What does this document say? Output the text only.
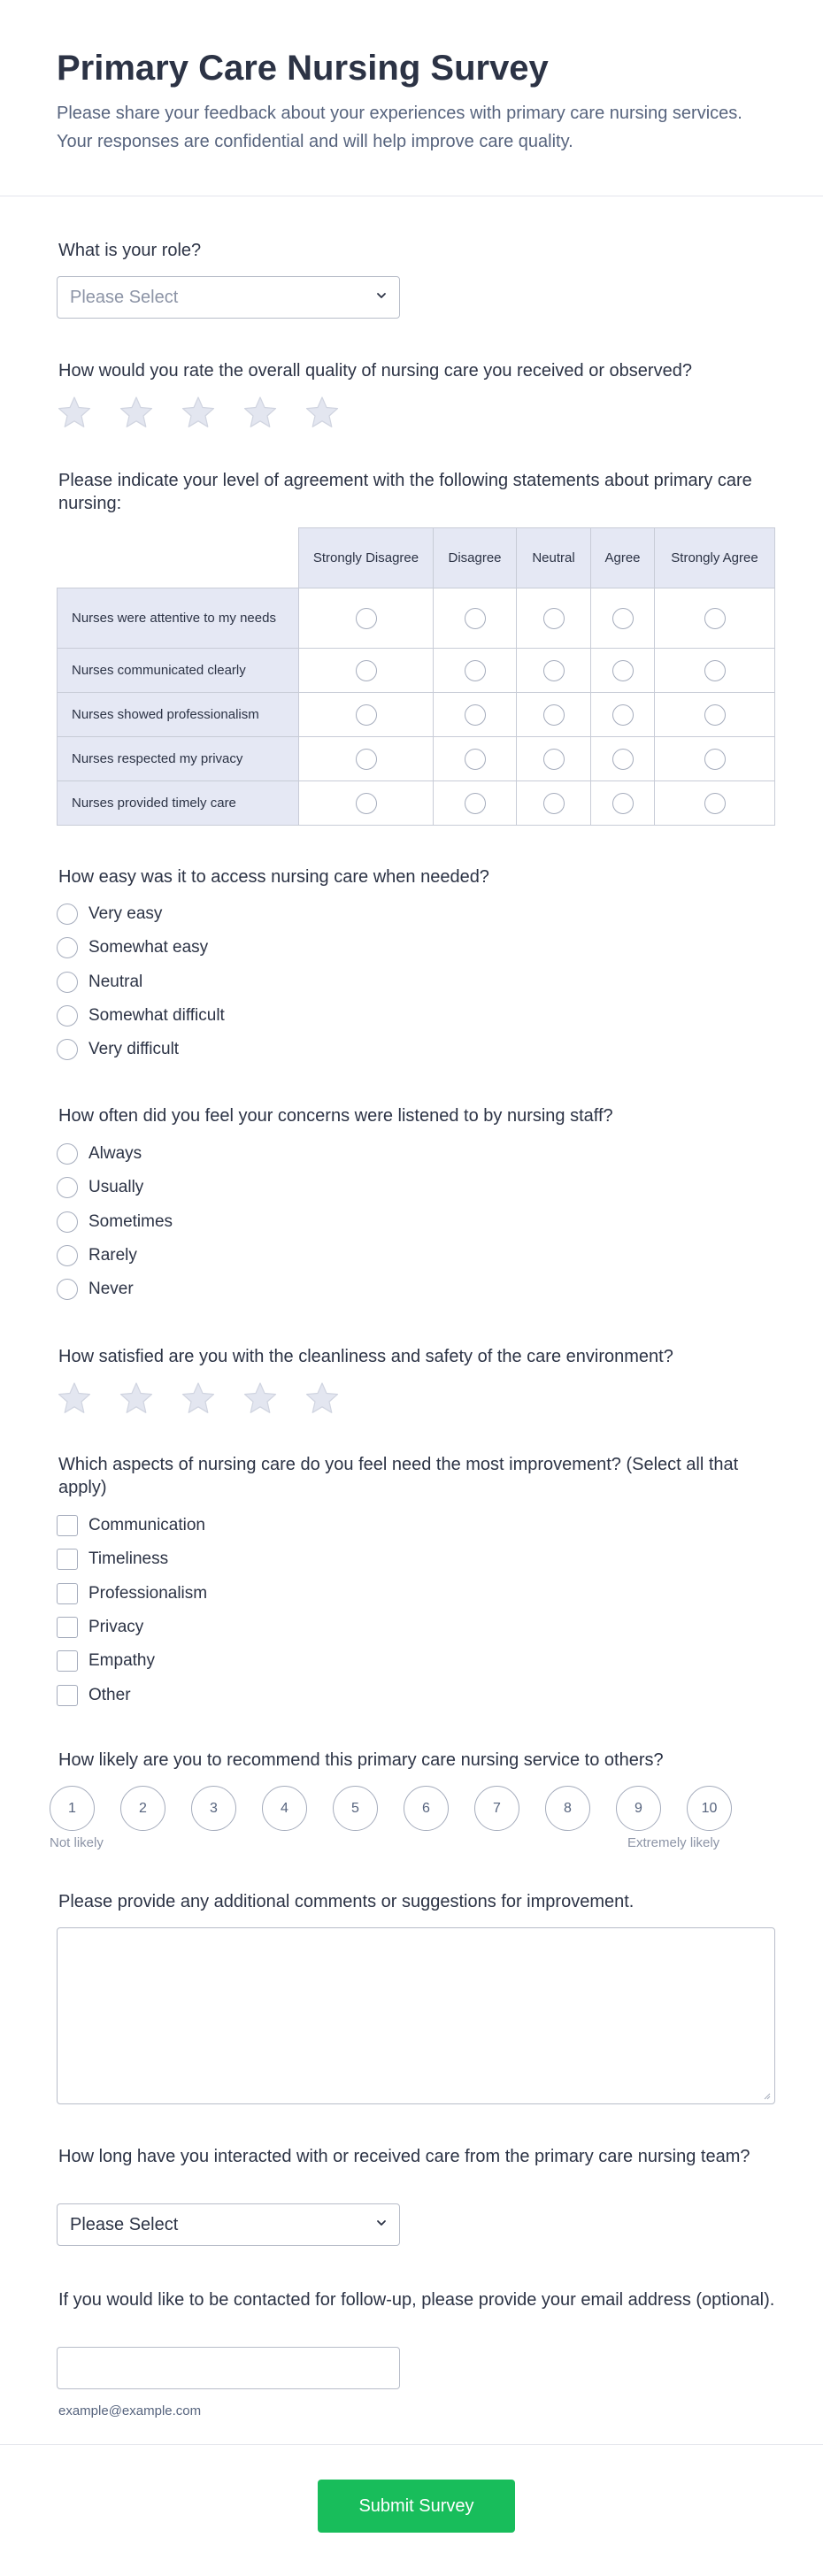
Primary Care Nursing Survey

Please share your feedback about your experiences with primary care nursing services. Your responses are confidential and will help improve care quality.

What is your role?
Please Select
How would you rate the overall quality of nursing care you received or observed?
Please indicate your level of agreement with the following statements about primary care nursing:
	Strongly Disagree	Disagree	Neutral	Agree	Strongly Agree
Nurses were attentive to my needs					
Nurses communicated clearly					
Nurses showed professionalism					
Nurses respected my privacy					
Nurses provided timely care					
How easy was it to access nursing care when needed?
Very easy
Somewhat easy
Neutral
Somewhat difficult
Very difficult
How often did you feel your concerns were listened to by nursing staff?
Always
Usually
Sometimes
Rarely
Never
How satisfied are you with the cleanliness and safety of the care environment?
Which aspects of nursing care do you feel need the most improvement? (Select all that apply)
Communication
Timeliness
Professionalism
Privacy
Empathy
Other
How likely are you to recommend this primary care nursing service to others?
1	2	3	4	5	6	7	8	9	10
Not likely	Extremely likely
Please provide any additional comments or suggestions for improvement.
How long have you interacted with or received care from the primary care nursing team?
Please Select
If you would like to be contacted for follow-up, please provide your email address (optional).
example@example.com
Submit Survey
